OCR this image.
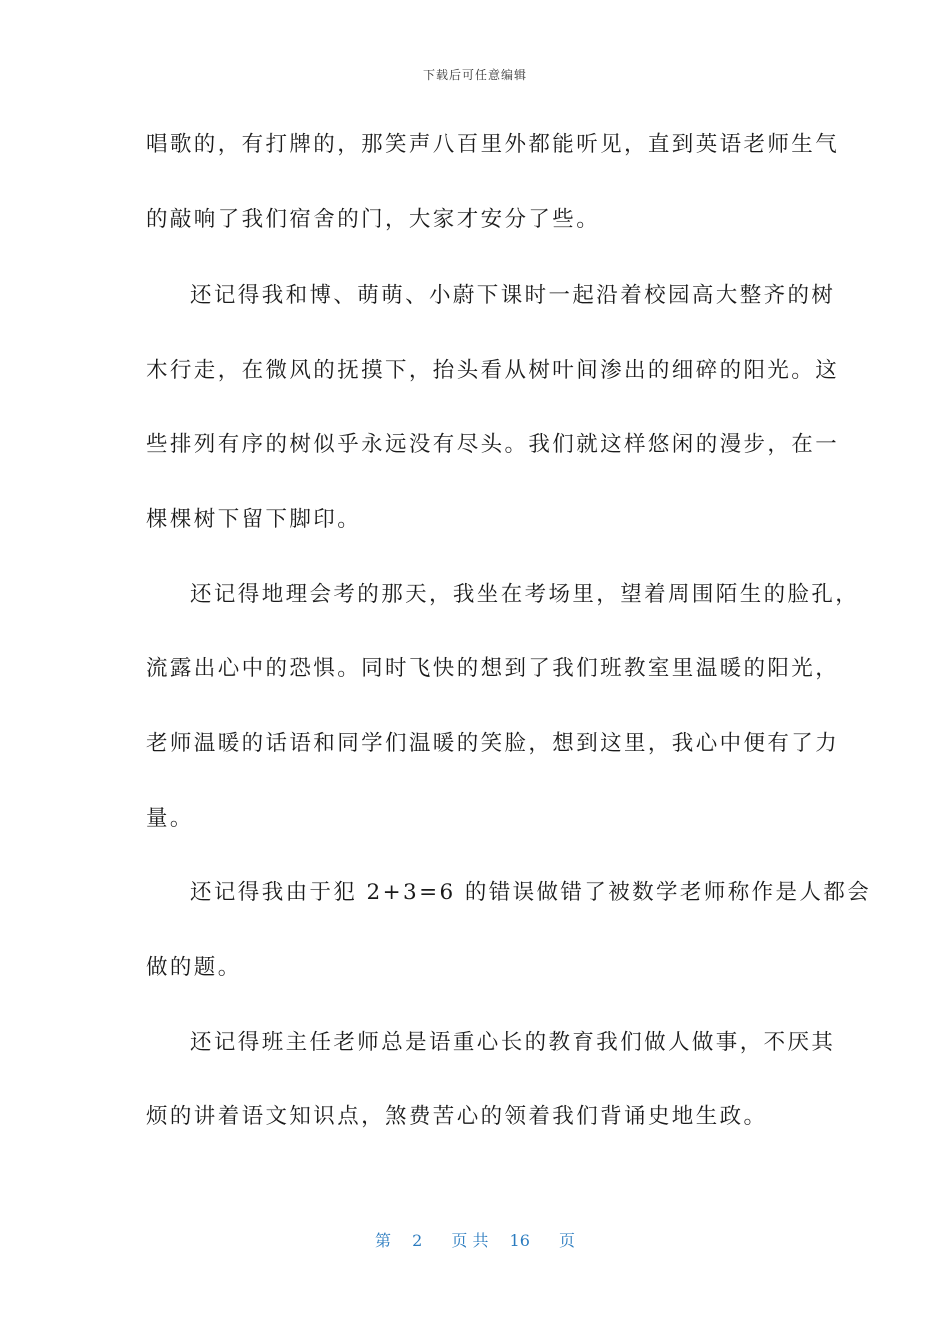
下载后可任意编辑
唱歌的，有打牌的，那笑声八百里外都能听见，直到英语老师生气
的敲响了我们宿舍的门，大家才安分了些。
还记得我和博、萌萌、小蔚下课时一起沿着校园高大整齐的树
木行走，在微风的抚摸下，抬头看从树叶间渗出的细碎的阳光。这
些排列有序的树似乎永远没有尽头。我们就这样悠闲的漫步，在一
棵棵树下留下脚印。
还记得地理会考的那天，我坐在考场里，望着周围陌生的脸孔，
流露出心中的恐惧。同时飞快的想到了我们班教室里温暖的阳光，
老师温暖的话语和同学们温暖的笑脸，想到这里，我心中便有了力
量。
还记得我由于犯 2+3=6 的错误做错了被数学老师称作是人都会
做的题。
还记得班主任老师总是语重心长的教育我们做人做事，不厌其
烦的讲着语文知识点，煞费苦心的领着我们背诵史地生政。
第 2 页 共 16 页
